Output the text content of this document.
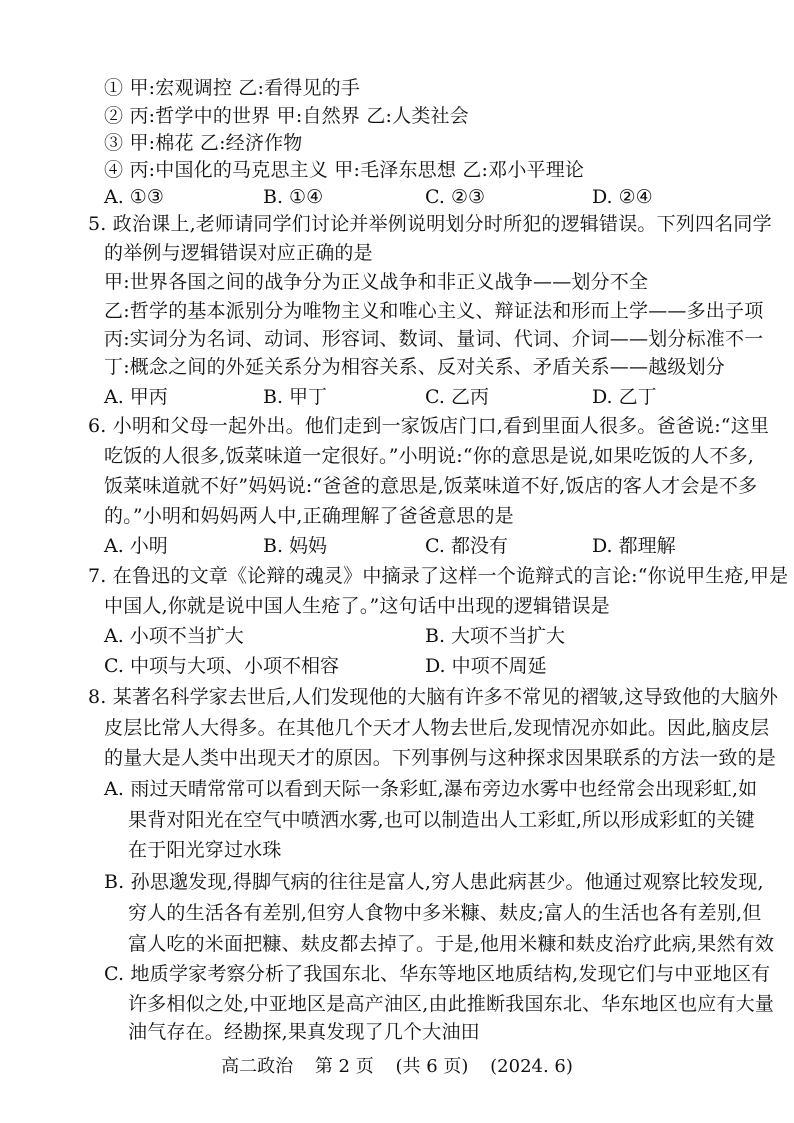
① 甲:宏观调控 乙:看得见的手
② 丙:哲学中的世界 甲:自然界 乙:人类社会
③ 甲:棉花 乙:经济作物
④ 丙:中国化的马克思主义 甲:毛泽东思想 乙:邓小平理论
A. ①③	B. ①④	C. ②③	D. ②④
5. 政治课上,老师请同学们讨论并举例说明划分时所犯的逻辑错误。下列四名同学
的举例与逻辑错误对应正确的是
甲:世界各国之间的战争分为正义战争和非正义战争——划分不全
乙:哲学的基本派别分为唯物主义和唯心主义、辩证法和形而上学——多出子项
丙:实词分为名词、动词、形容词、数词、量词、代词、介词——划分标准不一
丁:概念之间的外延关系分为相容关系、反对关系、矛盾关系——越级划分
A. 甲丙	B. 甲丁	C. 乙丙	D. 乙丁
6. 小明和父母一起外出。他们走到一家饭店门口,看到里面人很多。爸爸说:“这里
吃饭的人很多,饭菜味道一定很好。”小明说:“你的意思是说,如果吃饭的人不多,
饭菜味道就不好”妈妈说:“爸爸的意思是,饭菜味道不好,饭店的客人才会是不多
的。”小明和妈妈两人中,正确理解了爸爸意思的是
A. 小明	B. 妈妈	C. 都没有	D. 都理解
7. 在鲁迅的文章《论辩的魂灵》中摘录了这样一个诡辩式的言论:“你说甲生疮,甲是
中国人,你就是说中国人生疮了。”这句话中出现的逻辑错误是
A. 小项不当扩大	B. 大项不当扩大
C. 中项与大项、小项不相容	D. 中项不周延
8. 某著名科学家去世后,人们发现他的大脑有许多不常见的褶皱,这导致他的大脑外
皮层比常人大得多。在其他几个天才人物去世后,发现情况亦如此。因此,脑皮层
的量大是人类中出现天才的原因。下列事例与这种探求因果联系的方法一致的是
A. 雨过天晴常常可以看到天际一条彩虹,瀑布旁边水雾中也经常会出现彩虹,如
果背对阳光在空气中喷洒水雾,也可以制造出人工彩虹,所以形成彩虹的关键
在于阳光穿过水珠
B. 孙思邈发现,得脚气病的往往是富人,穷人患此病甚少。他通过观察比较发现,
穷人的生活各有差别,但穷人食物中多米糠、麸皮;富人的生活也各有差别,但
富人吃的米面把糠、麸皮都去掉了。于是,他用米糠和麸皮治疗此病,果然有效
C. 地质学家考察分析了我国东北、华东等地区地质结构,发现它们与中亚地区有
许多相似之处,中亚地区是高产油区,由此推断我国东北、华东地区也应有大量
油气存在。经勘探,果真发现了几个大油田
高二政治 第 2 页 (共 6 页) (2024. 6)
